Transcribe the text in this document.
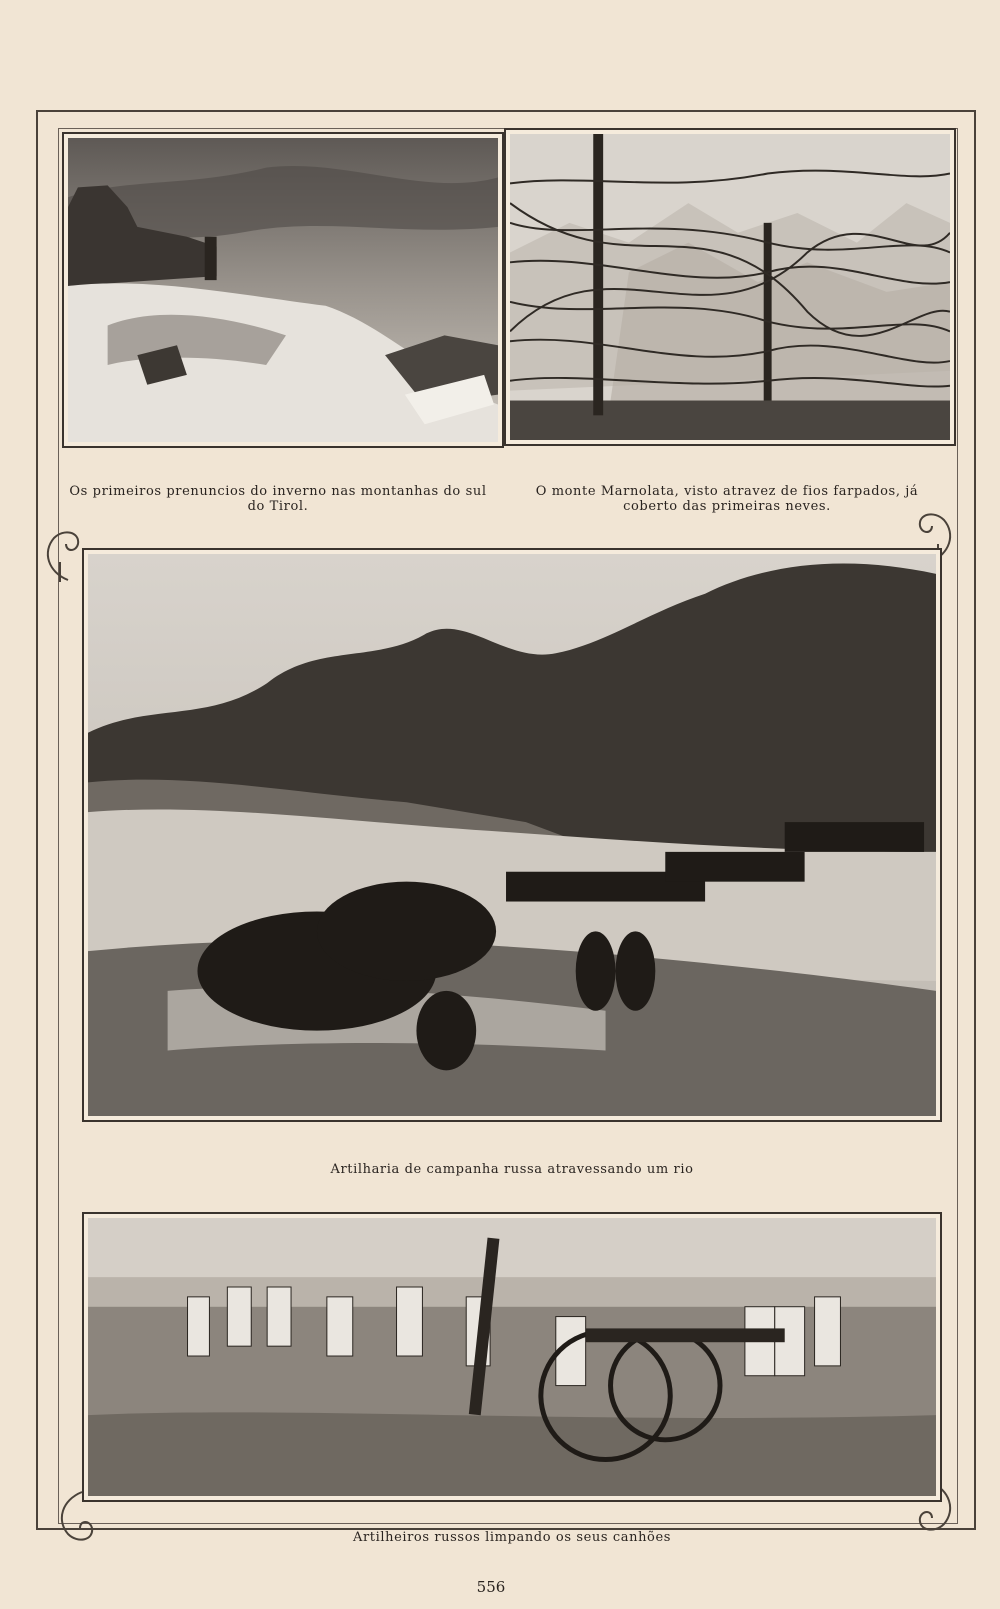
Os primeiros prenuncios do inverno nas montanhas do sul do Tirol.
O monte Marnolata, visto atravez de fios farpados, já coberto das primeiras neves.
Artilharia de campanha russa atravessando um rio
Artilheiros russos limpando os seus canhões
556
